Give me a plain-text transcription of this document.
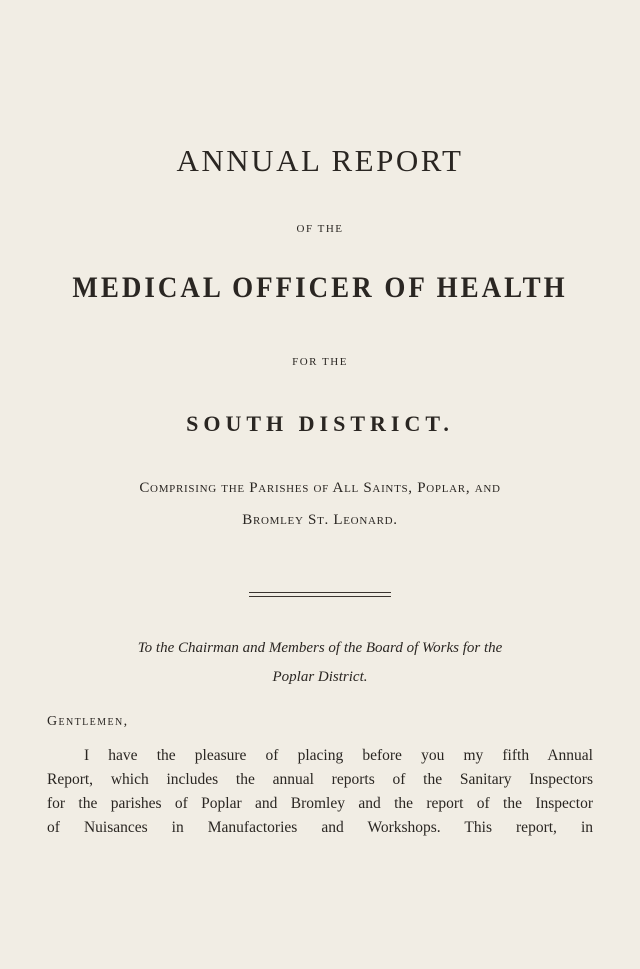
ANNUAL REPORT
OF THE
MEDICAL OFFICER OF HEALTH
FOR THE
SOUTH DISTRICT.
Comprising the Parishes of All Saints, Poplar, and
Bromley St. Leonard.
To the Chairman and Members of the Board of Works for the
Poplar District.
Gentlemen,
I have the pleasure of placing before you my fifth Annual
Report, which includes the annual reports of the Sanitary Inspectors
for the parishes of Poplar and Bromley and the report of the Inspector
of Nuisances in Manufactories and Workshops. This report, in
